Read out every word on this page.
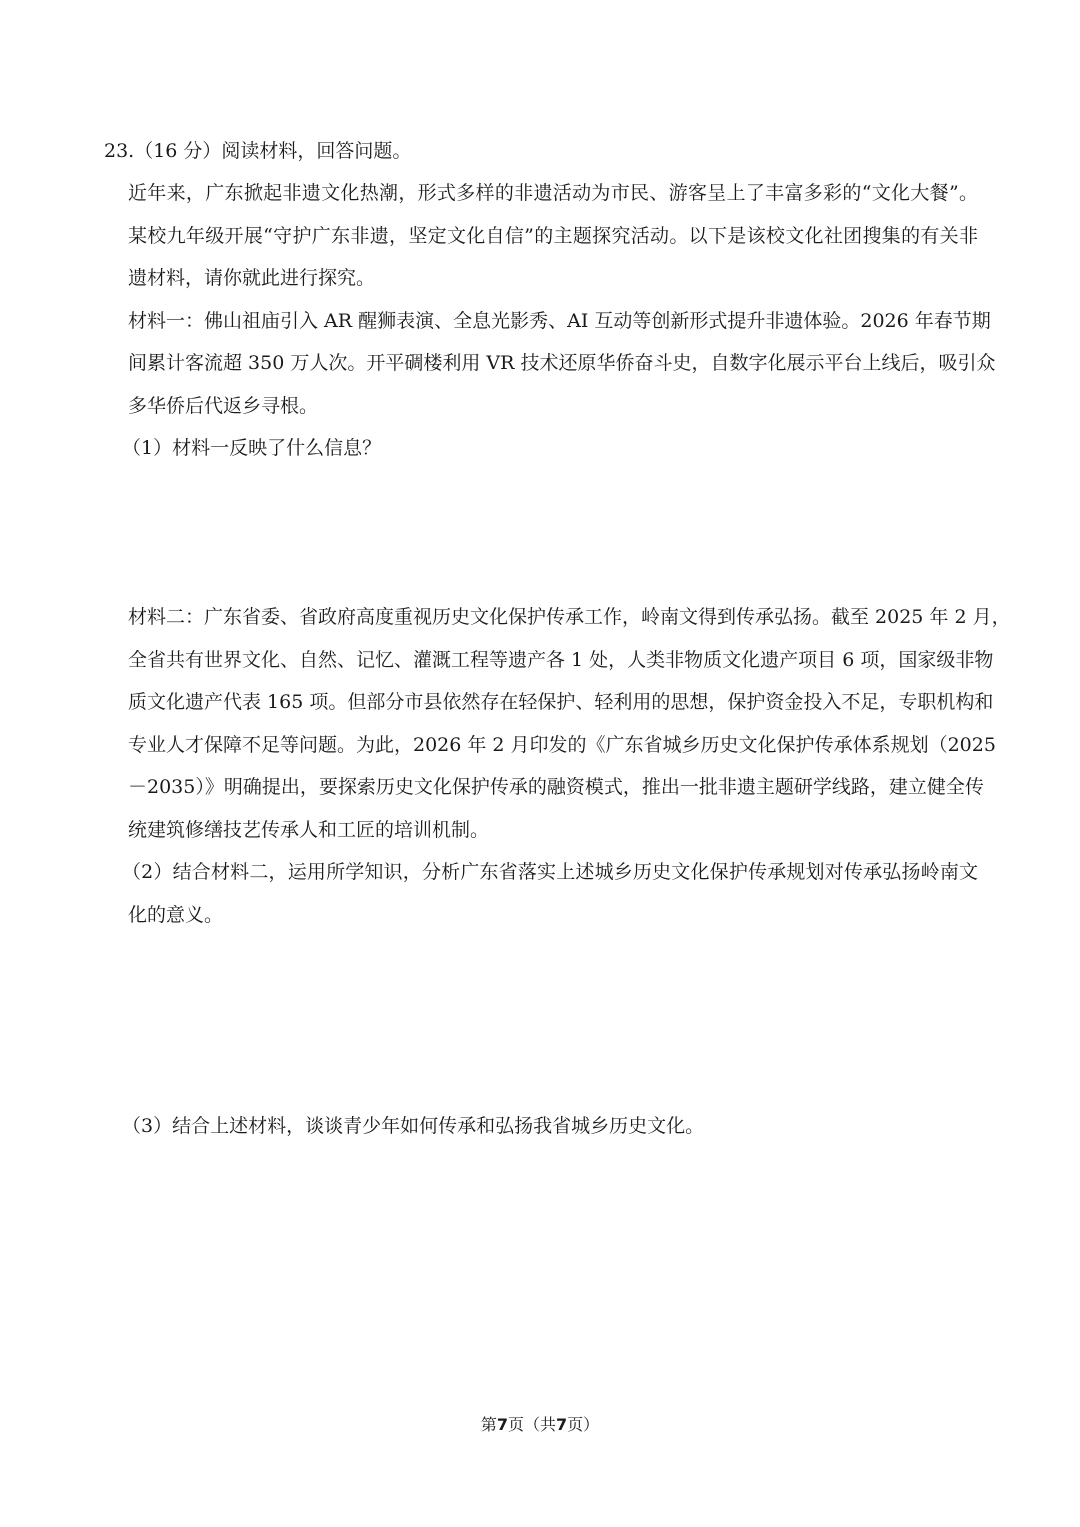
23.（16 分）阅读材料，回答问题。
近年来，广东掀起非遗文化热潮，形式多样的非遗活动为市民、游客呈上了丰富多彩的“文化大餐”。
某校九年级开展“守护广东非遗，坚定文化自信”的主题探究活动。以下是该校文化社团搜集的有关非
遗材料，请你就此进行探究。
材料一：佛山祖庙引入 AR 醒狮表演、全息光影秀、AI 互动等创新形式提升非遗体验。2026 年春节期
间累计客流超 350 万人次。开平碉楼利用 VR 技术还原华侨奋斗史，自数字化展示平台上线后，吸引众
多华侨后代返乡寻根。
（1）材料一反映了什么信息？
材料二：广东省委、省政府高度重视历史文化保护传承工作，岭南文得到传承弘扬。截至 2025 年 2 月，
全省共有世界文化、自然、记忆、灌溉工程等遗产各 1 处，人类非物质文化遗产项目 6 项，国家级非物
质文化遗产代表 165 项。但部分市县依然存在轻保护、轻利用的思想，保护资金投入不足，专职机构和
专业人才保障不足等问题。为此，2026 年 2 月印发的《广东省城乡历史文化保护传承体系规划（2025
－2035）》明确提出，要探索历史文化保护传承的融资模式，推出一批非遗主题研学线路，建立健全传
统建筑修缮技艺传承人和工匠的培训机制。
（2）结合材料二，运用所学知识，分析广东省落实上述城乡历史文化保护传承规划对传承弘扬岭南文
化的意义。
（3）结合上述材料，谈谈青少年如何传承和弘扬我省城乡历史文化。
第7页（共7页）
